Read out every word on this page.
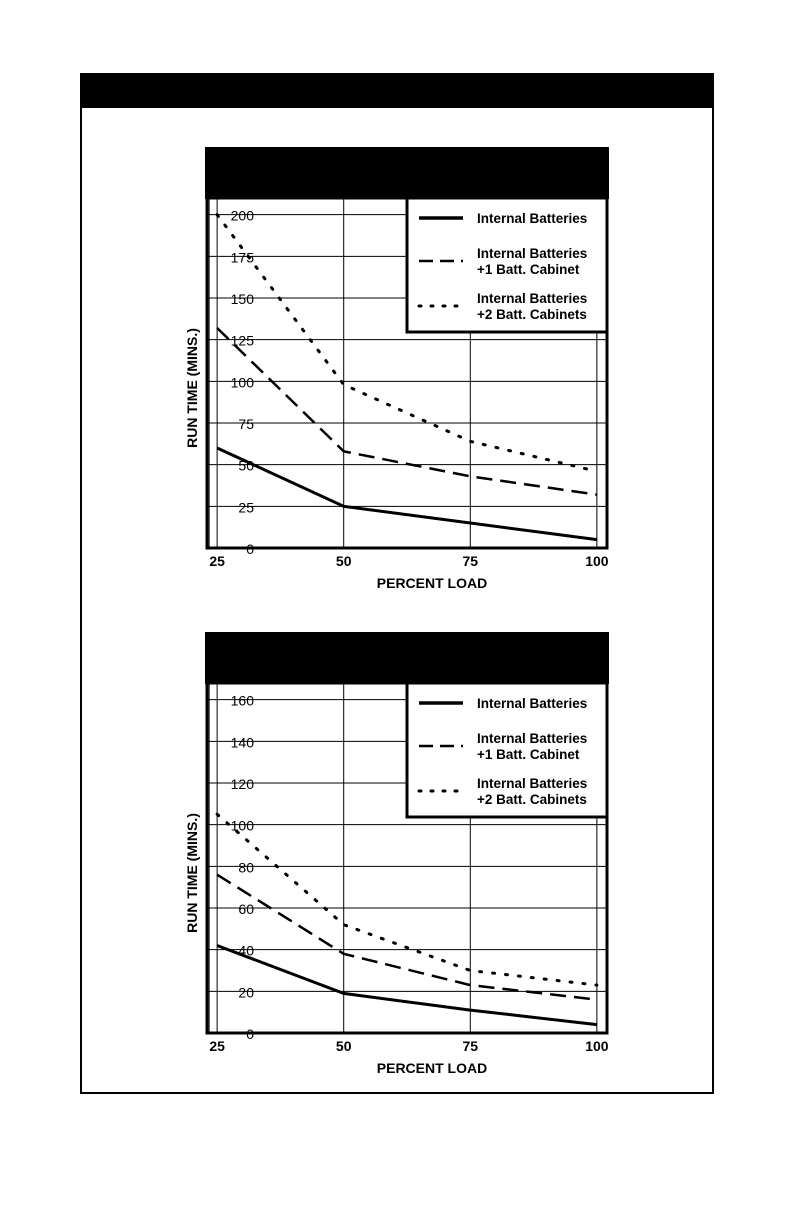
0
25
50
75
100
125
150
175
200
25	50	75	100
Internal Batteries
Internal Batteries
+1 Batt. Cabinet
Internal Batteries
+2 Batt. Cabinets
PERCENT LOAD
RUN TIME (MINS.)
0
20
40
60
80
100
120
140
160
25	50	75	100
Internal Batteries
Internal Batteries
+1 Batt. Cabinet
Internal Batteries
+2 Batt. Cabinets
PERCENT LOAD
RUN TIME (MINS.)
